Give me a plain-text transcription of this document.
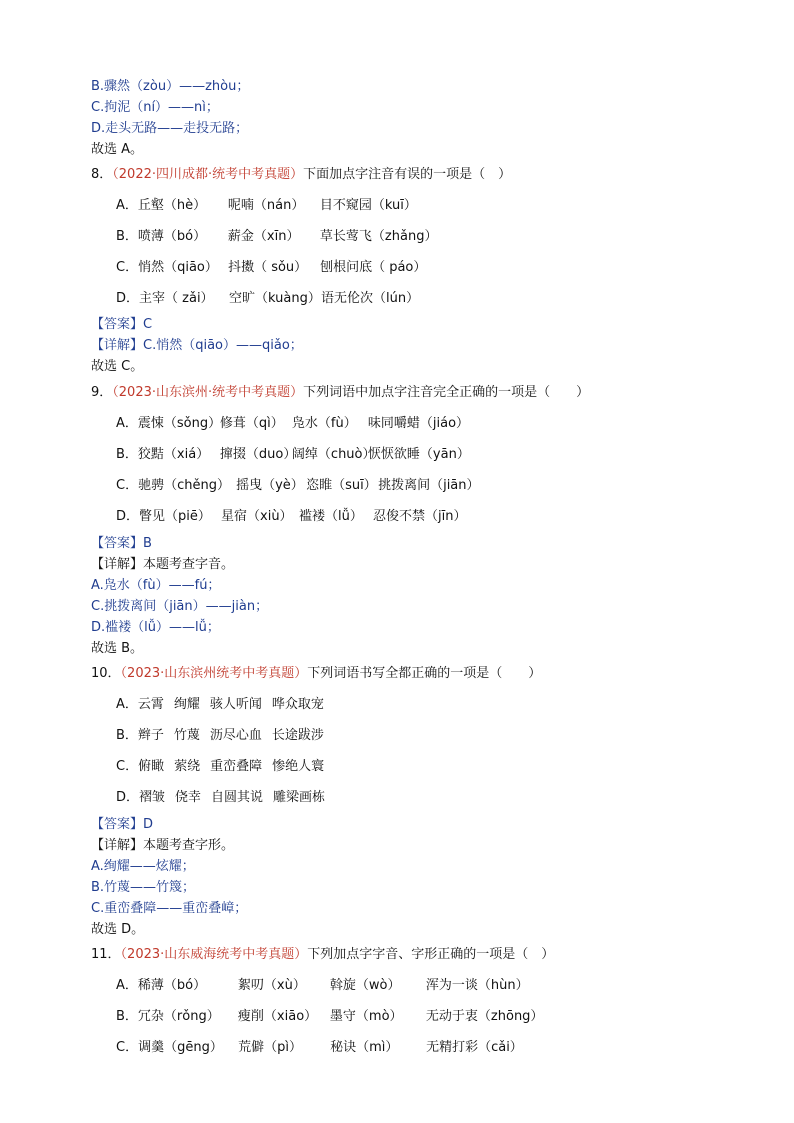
B.骤然（zòu）——zhòu；
C.拘泥（ní）——nì；
D.走头无路——走投无路；
故选 A。
8．（2022·四川成都·统考中考真题）下面加点字注音有误的一项是（　）
A．丘壑（hè） 呢喃（nán） 目不窥园（kuī）
B．喷薄（bó） 薪金（xīn） 草长莺飞（zhǎng）
C．悄然（qiāo） 抖擞（ sǒu） 刨根问底（ páo）
D．主宰（ zǎi） 空旷（kuàng）语无伦次（lún）
【答案】C
【详解】C.悄然（qiāo）——qiǎo；
故选 C。
9．（2023·山东滨州·统考中考真题）下列词语中加点字注音完全正确的一项是（　　）
A．震悚（sǒng）修葺（qì） 凫水（fù） 味同嚼蜡（jiáo）
B．狡黠（xiá） 撺掇（duo）阔绰（chuò）恹恹欲睡（yān）
C．驰骋（chěng） 摇曳（yè） 恣睢（suī）挑拨离间（jiān）
D．瞥见（piē） 星宿（xiù） 褴褛（lǚ） 忍俊不禁（jīn）
【答案】B
【详解】本题考查字音。
A.凫水（fù）——fú；
C.挑拨离间（jiān）——jiàn；
D.褴褛（lǚ）——lǚ；
故选 B。
10．（2023·山东滨州统考中考真题）下列词语书写全都正确的一项是（　　）
A．云霄 绚耀 骇人听闻 哗众取宠
B．辫子 竹蔑 沥尽心血 长途跋涉
C．俯瞰 萦绕 重峦叠障 惨绝人寰
D．褶皱 侥幸 自圆其说 雕梁画栋
【答案】D
【详解】本题考查字形。
A.绚耀——炫耀；
B.竹蔑——竹篾；
C.重峦叠障——重峦叠嶂；
故选 D。
11．（2023·山东威海统考中考真题）下列加点字字音、字形正确的一项是（　）
A．稀薄（bó） 絮叨（xù） 斡旋（wò） 浑为一谈（hùn）
B．冗杂（rǒng） 瘦削（xiāo） 墨守（mò） 无动于衷（zhōng）
C．调羹（gēng） 荒僻（pì） 秘诀（mì） 无精打彩（cǎi）
